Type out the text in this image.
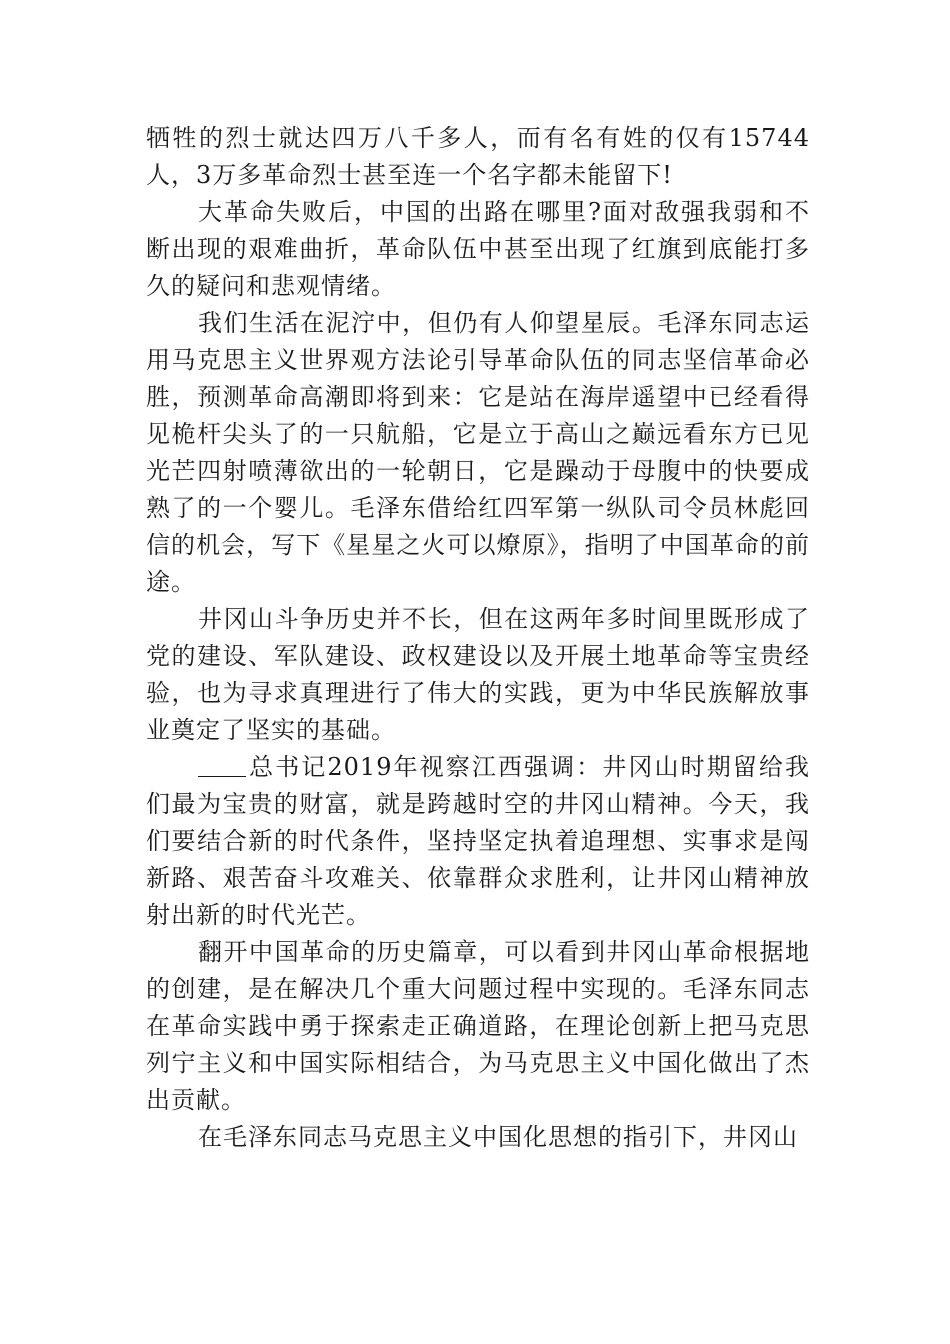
牺牲的烈士就达四万八千多人，而有名有姓的仅有15744人，3万多革命烈士甚至连一个名字都未能留下!

大革命失败后，中国的出路在哪里?面对敌强我弱和不断出现的艰难曲折，革命队伍中甚至出现了红旗到底能打多久的疑问和悲观情绪。

我们生活在泥泞中，但仍有人仰望星辰。毛泽东同志运用马克思主义世界观方法论引导革命队伍的同志坚信革命必胜，预测革命高潮即将到来：它是站在海岸遥望中已经看得见桅杆尖头了的一只航船，它是立于高山之巅远看东方已见光芒四射喷薄欲出的一轮朝日，它是躁动于母腹中的快要成熟了的一个婴儿。毛泽东借给红四军第一纵队司令员林彪回信的机会，写下《星星之火可以燎原》，指明了中国革命的前途。

井冈山斗争历史并不长，但在这两年多时间里既形成了党的建设、军队建设、政权建设以及开展土地革命等宝贵经验，也为寻求真理进行了伟大的实践，更为中华民族解放事业奠定了坚实的基础。

总书记2019年视察江西强调：井冈山时期留给我们最为宝贵的财富，就是跨越时空的井冈山精神。今天，我们要结合新的时代条件，坚持坚定执着追理想、实事求是闯新路、艰苦奋斗攻难关、依靠群众求胜利，让井冈山精神放射出新的时代光芒。

翻开中国革命的历史篇章，可以看到井冈山革命根据地的创建，是在解决几个重大问题过程中实现的。毛泽东同志在革命实践中勇于探索走正确道路，在理论创新上把马克思列宁主义和中国实际相结合，为马克思主义中国化做出了杰出贡献。

在毛泽东同志马克思主义中国化思想的指引下，井冈山
